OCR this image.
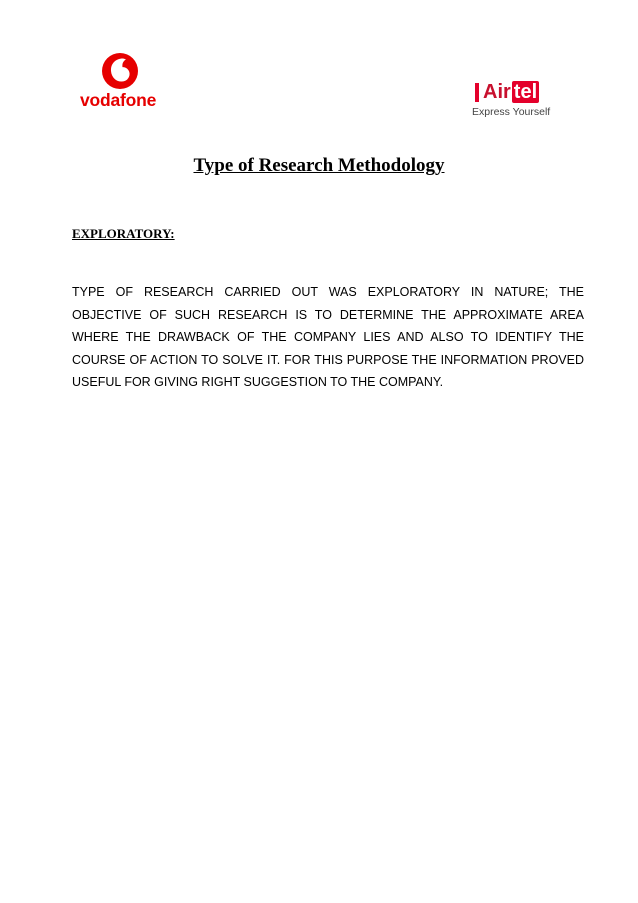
vodafone	Air tel
Express Yourself
Type of Research Methodology
EXPLORATORY:
TYPE OF RESEARCH CARRIED OUT WAS EXPLORATORY IN NATURE; THE OBJECTIVE OF SUCH RESEARCH IS TO DETERMINE THE APPROXIMATE AREA WHERE THE DRAWBACK OF THE COMPANY LIES AND ALSO TO IDENTIFY THE COURSE OF ACTION TO SOLVE IT. FOR THIS PURPOSE THE INFORMATION PROVED USEFUL FOR GIVING RIGHT SUGGESTION TO THE COMPANY.
